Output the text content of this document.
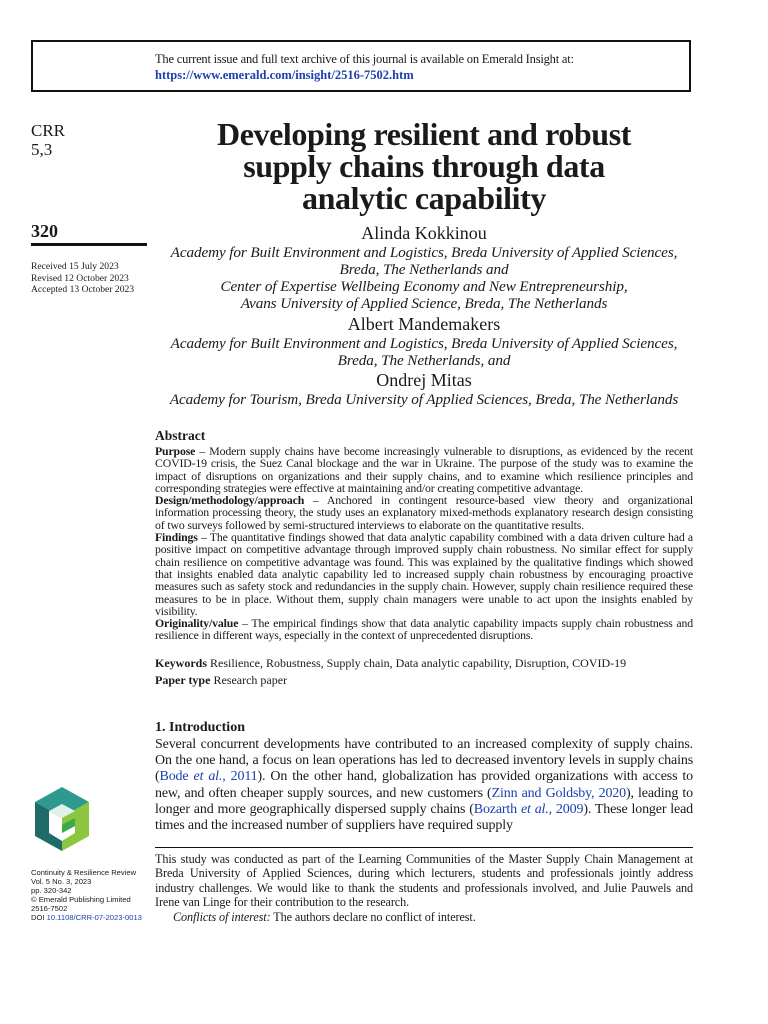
The current issue and full text archive of this journal is available on Emerald Insight at:
https://www.emerald.com/insight/2516-7502.htm
CRR
5,3
320
Received 15 July 2023
Revised 12 October 2023
Accepted 13 October 2023
Developing resilient and robust
supply chains through data
analytic capability
Alinda Kokkinou
Academy for Built Environment and Logistics, Breda University of Applied Sciences,
Breda, The Netherlands and
Center of Expertise Wellbeing Economy and New Entrepreneurship,
Avans University of Applied Science, Breda, The Netherlands
Albert Mandemakers
Academy for Built Environment and Logistics, Breda University of Applied Sciences,
Breda, The Netherlands, and
Ondrej Mitas
Academy for Tourism, Breda University of Applied Sciences, Breda, The Netherlands
Abstract

Purpose – Modern supply chains have become increasingly vulnerable to disruptions, as evidenced by the recent COVID-19 crisis, the Suez Canal blockage and the war in Ukraine. The purpose of the study was to examine the impact of disruptions on organizations and their supply chains, and to examine which resilience principles and corresponding strategies were effective at maintaining and/or creating competitive advantage.

Design/methodology/approach – Anchored in contingent resource-based view theory and organizational information processing theory, the study uses an explanatory mixed-methods explanatory research design consisting of two surveys followed by semi-structured interviews to elaborate on the quantitative results.

Findings – The quantitative findings showed that data analytic capability combined with a data driven culture had a positive impact on competitive advantage through improved supply chain robustness. No similar effect for supply chain resilience on competitive advantage was found. This was explained by the qualitative findings which showed that insights enabled data analytic capability led to increased supply chain robustness by encouraging proactive measures such as safety stock and redundancies in the supply chain. However, supply chain resilience required these measures to be in place. Without them, supply chain managers were unable to act upon the insights enabled by visibility.

Originality/value – The empirical findings show that data analytic capability impacts supply chain robustness and resilience in different ways, especially in the context of unprecedented disruptions.

Keywords Resilience, Robustness, Supply chain, Data analytic capability, Disruption, COVID-19
Paper type Research paper
1. Introduction

Several concurrent developments have contributed to an increased complexity of supply chains. On the one hand, a focus on lean operations has led to decreased inventory levels in supply chains (Bode et al., 2011). On the other hand, globalization has provided organizations with access to new, and often cheaper supply sources, and new customers (Zinn and Goldsby, 2020), leading to longer and more geographically dispersed supply chains (Bozarth et al., 2009). These longer lead times and the increased number of suppliers have required supply

This study was conducted as part of the Learning Communities of the Master Supply Chain Management at Breda University of Applied Sciences, during which lecturers, students and professionals jointly address industry challenges. We would like to thank the students and professionals involved, and Julie Pauwels and Irene van Linge for their contribution to the research.

Conflicts of interest: The authors declare no conflict of interest.

Continuity & Resilience Review
Vol. 5 No. 3, 2023
pp. 320-342
© Emerald Publishing Limited
2516-7502
DOI 10.1108/CRR-07-2023-0013
